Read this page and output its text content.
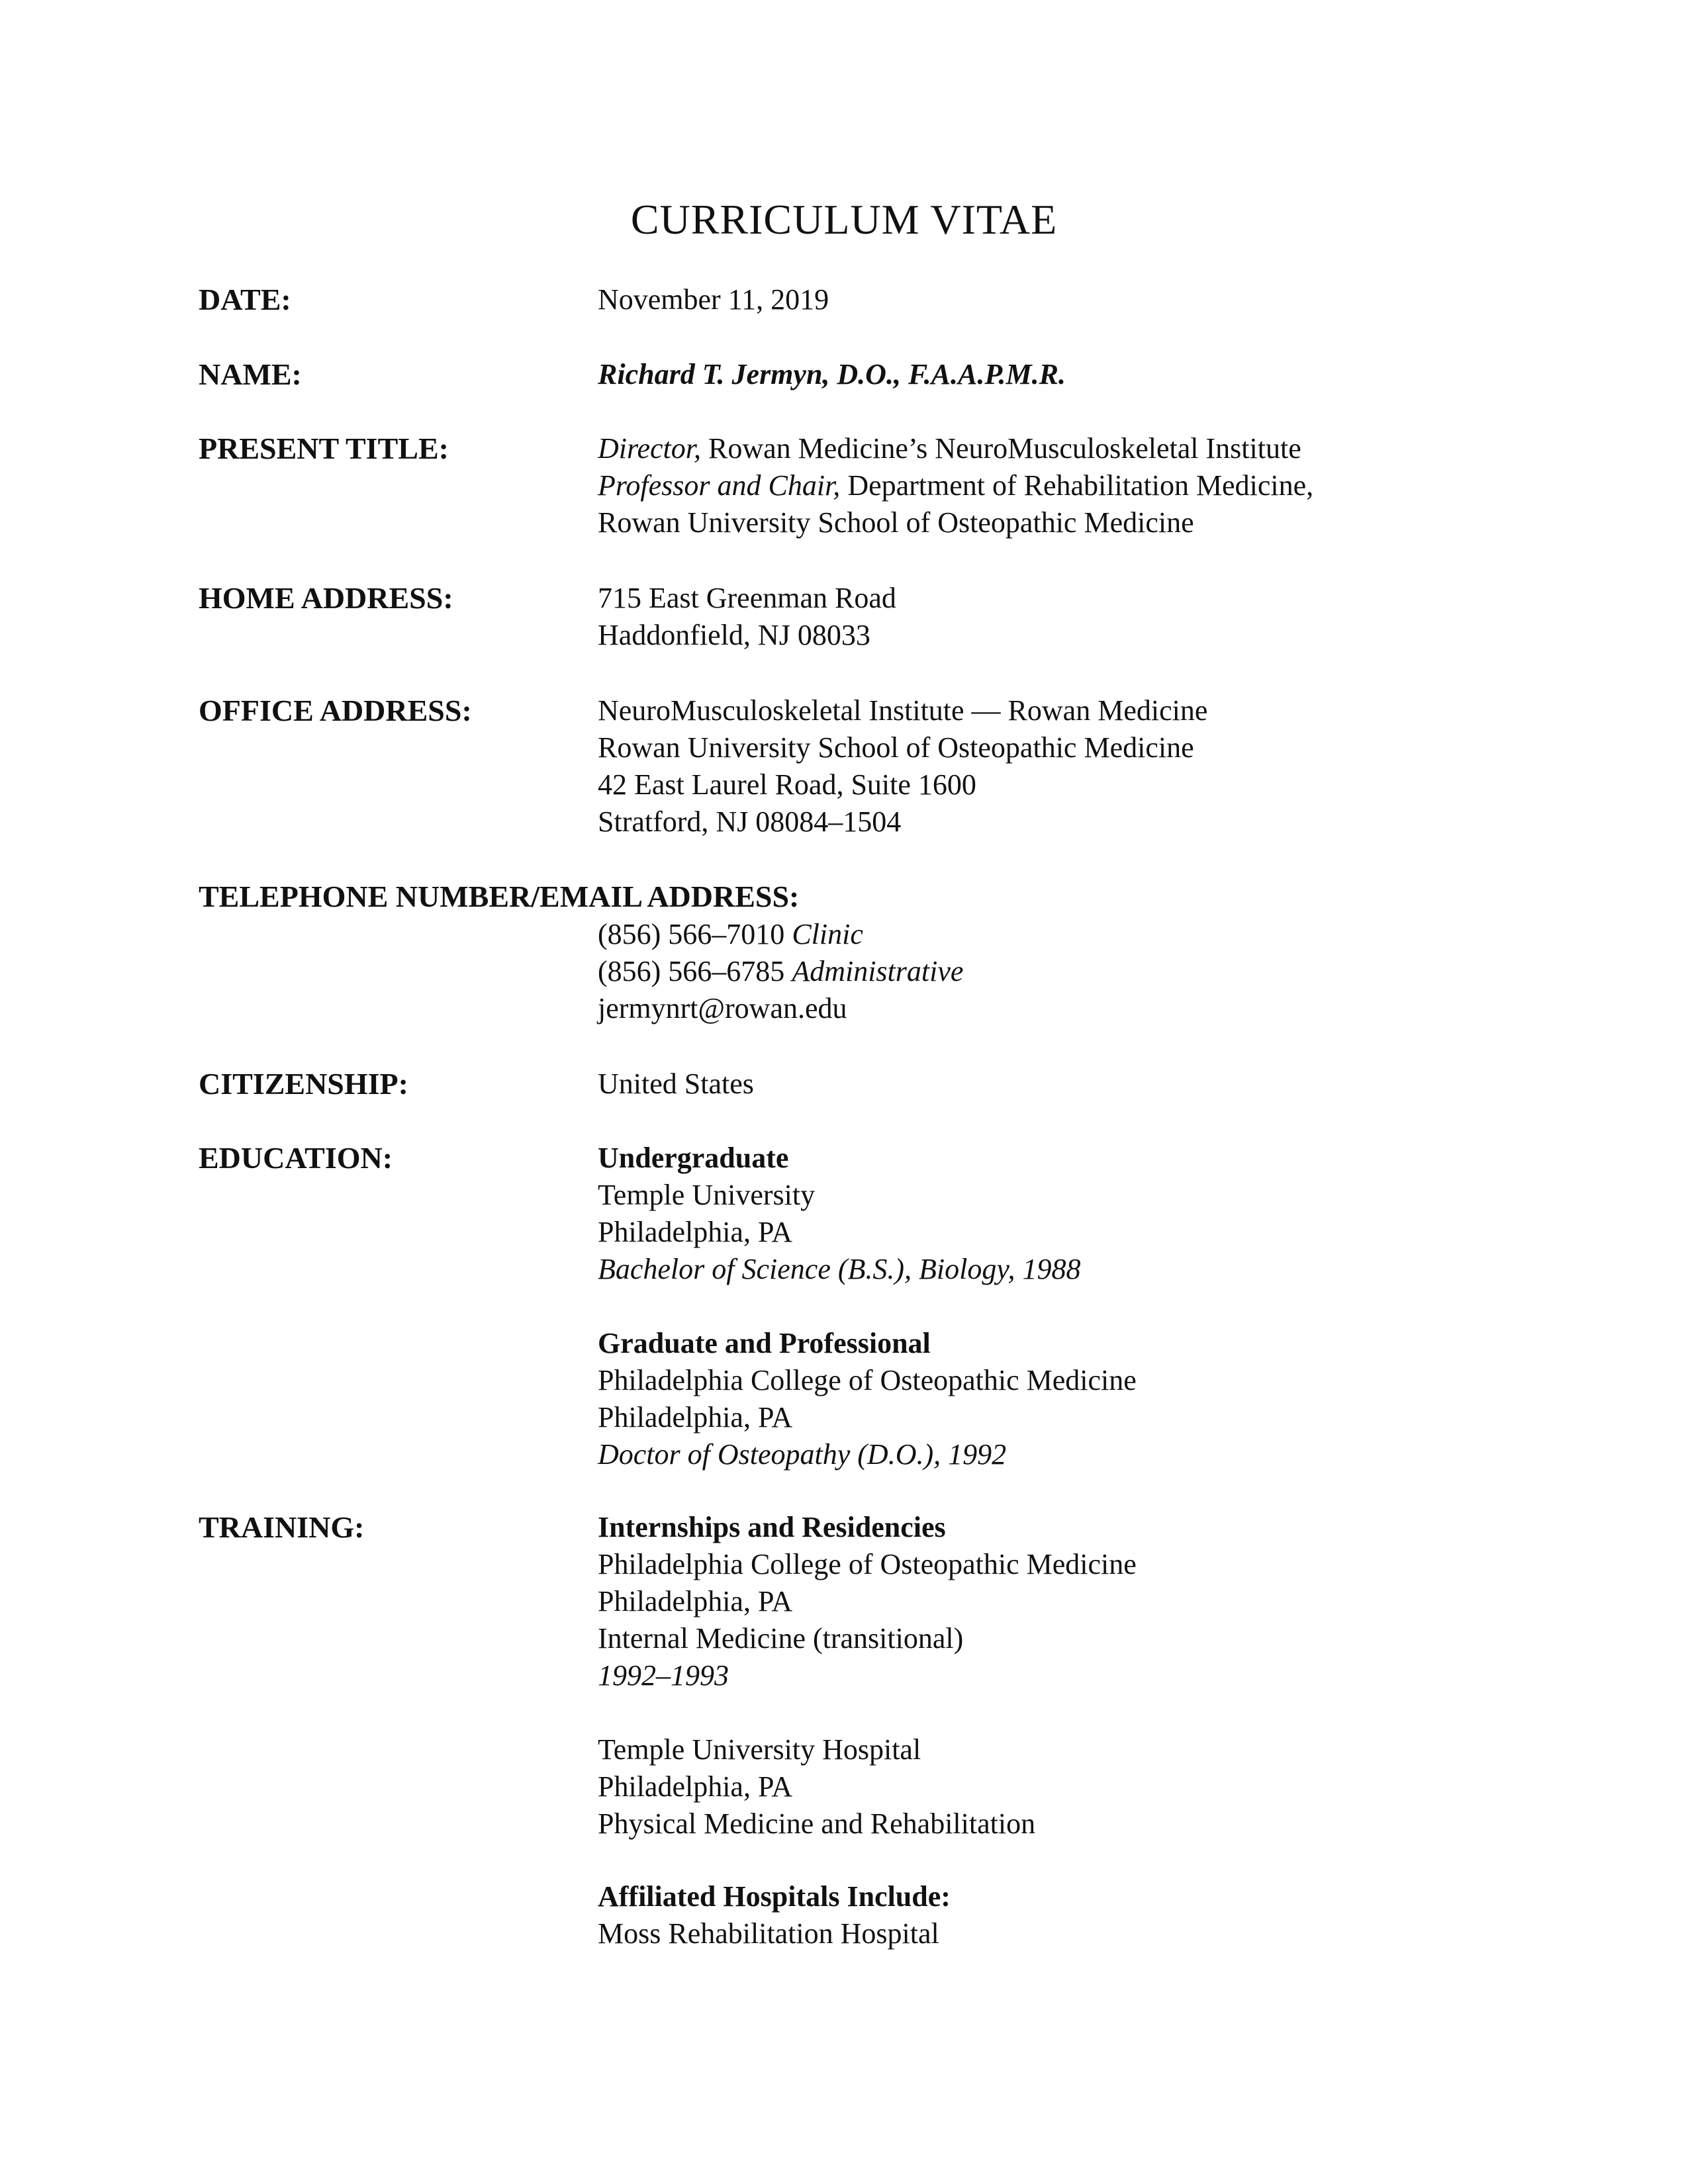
CURRICULUM VITAE
DATE:	November 11, 2019
NAME:	Richard T. Jermyn, D.O., F.A.A.P.M.R.
PRESENT TITLE:	Director, Rowan Medicine’s NeuroMusculoskeletal Institute
Professor and Chair, Department of Rehabilitation Medicine,
Rowan University School of Osteopathic Medicine
HOME ADDRESS:	715 East Greenman Road
Haddonfield, NJ 08033
OFFICE ADDRESS:	NeuroMusculoskeletal Institute — Rowan Medicine
Rowan University School of Osteopathic Medicine
42 East Laurel Road, Suite 1600
Stratford, NJ 08084–1504
TELEPHONE NUMBER/EMAIL ADDRESS:
(856) 566–7010 Clinic
(856) 566–6785 Administrative
jermynrt@rowan.edu
CITIZENSHIP:	United States
EDUCATION:	Undergraduate
Temple University
Philadelphia, PA
Bachelor of Science (B.S.), Biology, 1988
Graduate and Professional
Philadelphia College of Osteopathic Medicine
Philadelphia, PA
Doctor of Osteopathy (D.O.), 1992
TRAINING:	Internships and Residencies
Philadelphia College of Osteopathic Medicine
Philadelphia, PA
Internal Medicine (transitional)
1992–1993
Temple University Hospital
Philadelphia, PA
Physical Medicine and Rehabilitation
Affiliated Hospitals Include:
Moss Rehabilitation Hospital
